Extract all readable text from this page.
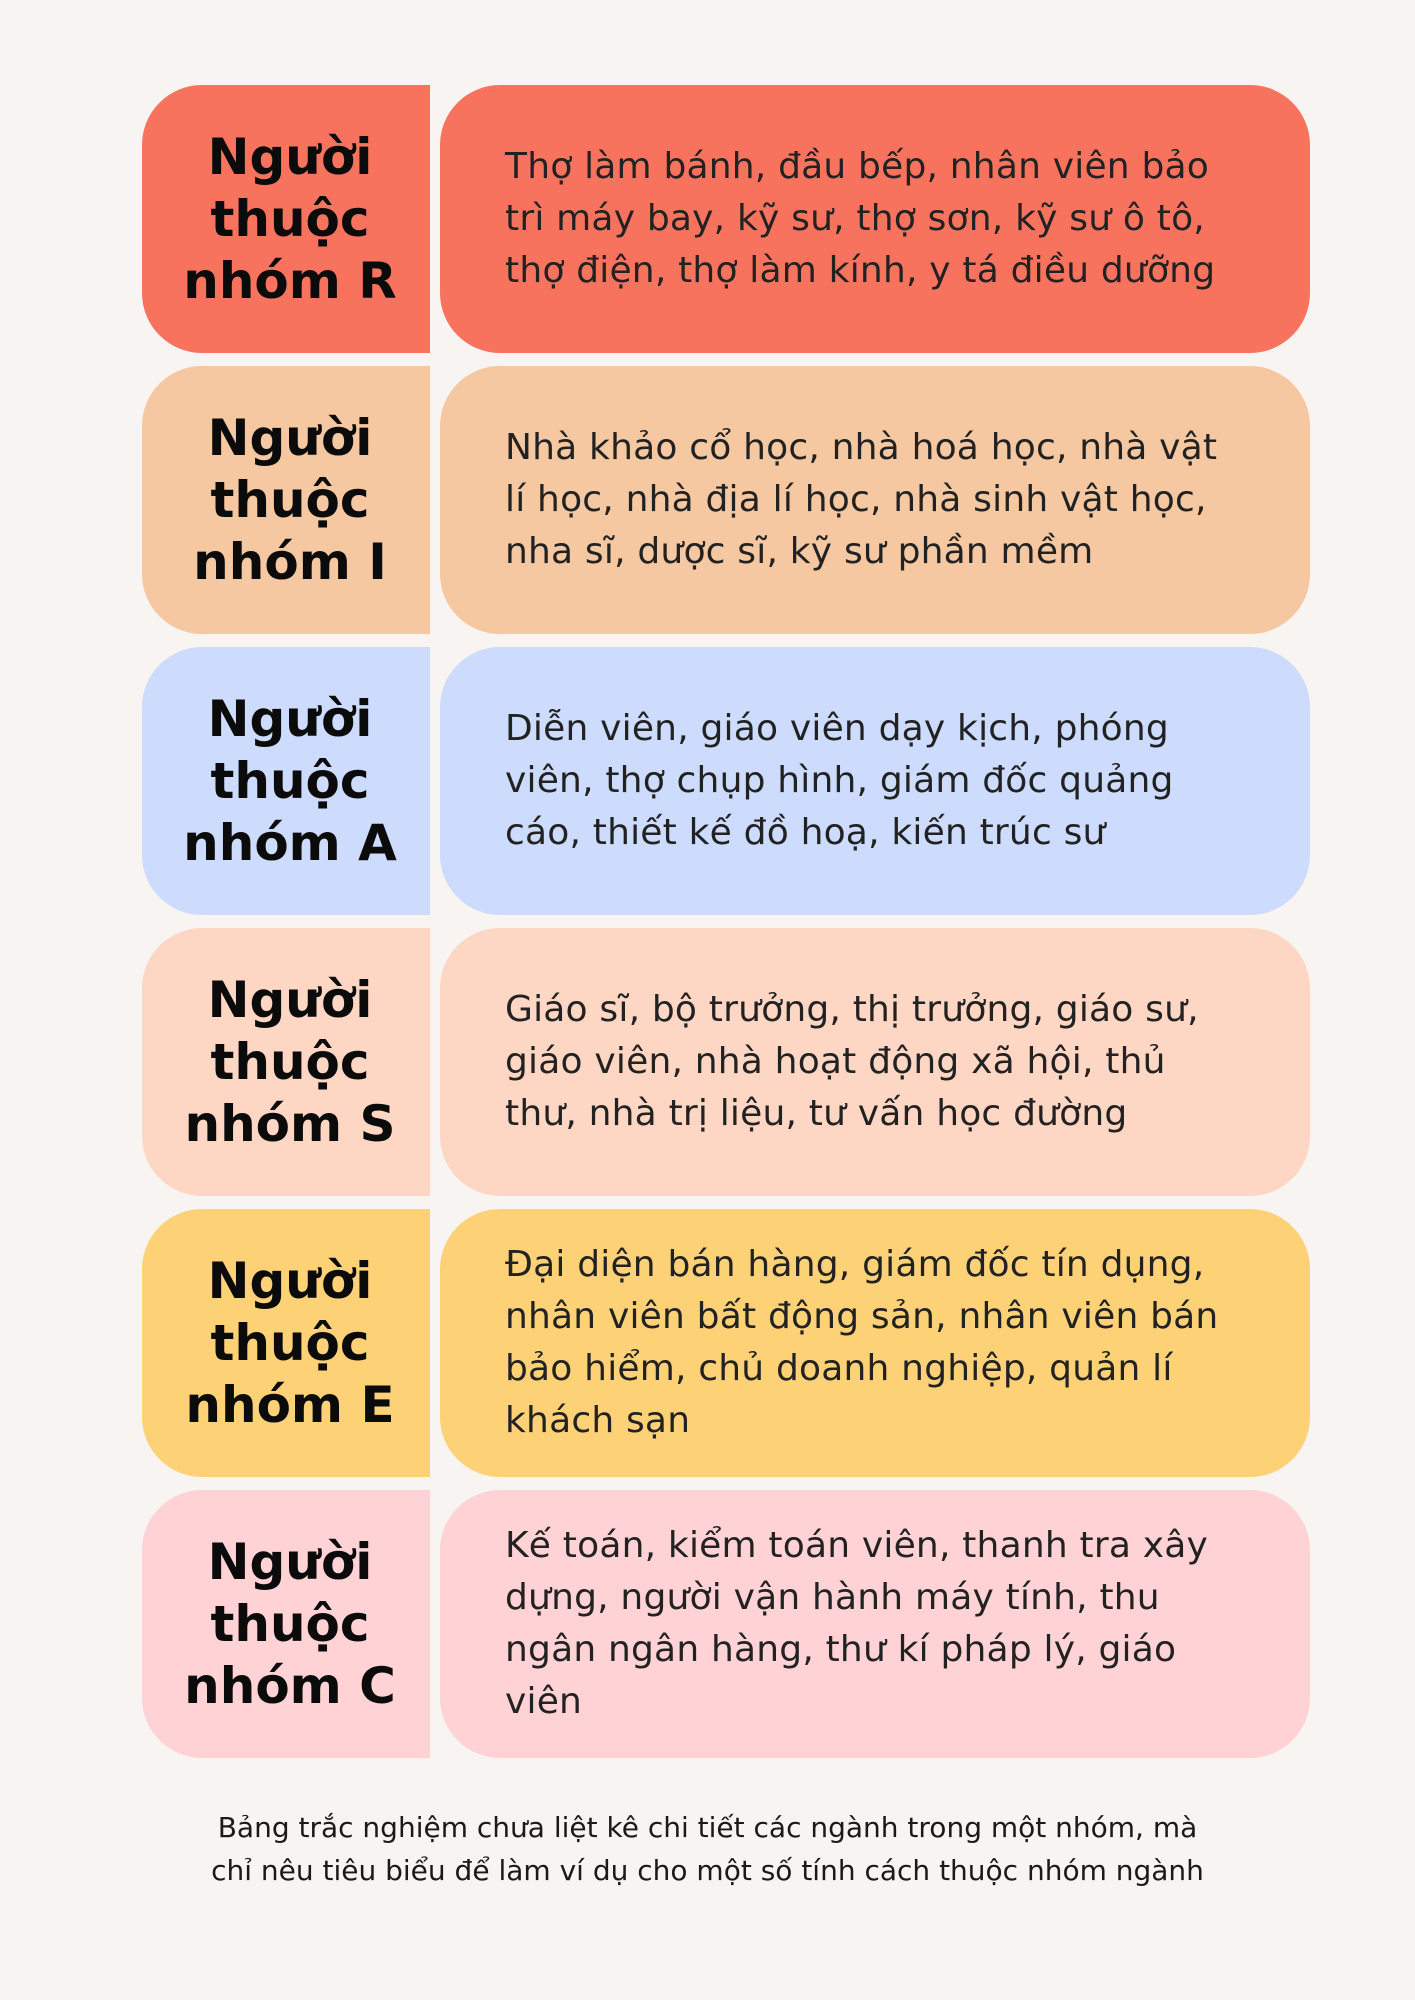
Người
thuộc
nhóm R
Thợ làm bánh, đầu bếp, nhân viên bảo trì máy bay, kỹ sư, thợ sơn, kỹ sư ô tô, thợ điện, thợ làm kính, y tá điều dưỡng
Người
thuộc
nhóm I
Nhà khảo cổ học, nhà hoá học, nhà vật lí học, nhà địa lí học, nhà sinh vật học, nha sĩ, dược sĩ, kỹ sư phần mềm
Người
thuộc
nhóm A
Diễn viên, giáo viên dạy kịch, phóng viên, thợ chụp hình, giám đốc quảng cáo, thiết kế đồ hoạ, kiến trúc sư
Người
thuộc
nhóm S
Giáo sĩ, bộ trưởng, thị trưởng, giáo sư, giáo viên, nhà hoạt động xã hội, thủ thư, nhà trị liệu, tư vấn học đường
Người
thuộc
nhóm E
Đại diện bán hàng, giám đốc tín dụng, nhân viên bất động sản, nhân viên bán bảo hiểm, chủ doanh nghiệp, quản lí khách sạn
Người
thuộc
nhóm C
Kế toán, kiểm toán viên, thanh tra xây dựng, người vận hành máy tính, thu ngân ngân hàng, thư kí pháp lý, giáo viên
Bảng trắc nghiệm chưa liệt kê chi tiết các ngành trong một nhóm, mà chỉ nêu tiêu biểu để làm ví dụ cho một số tính cách thuộc nhóm ngành
